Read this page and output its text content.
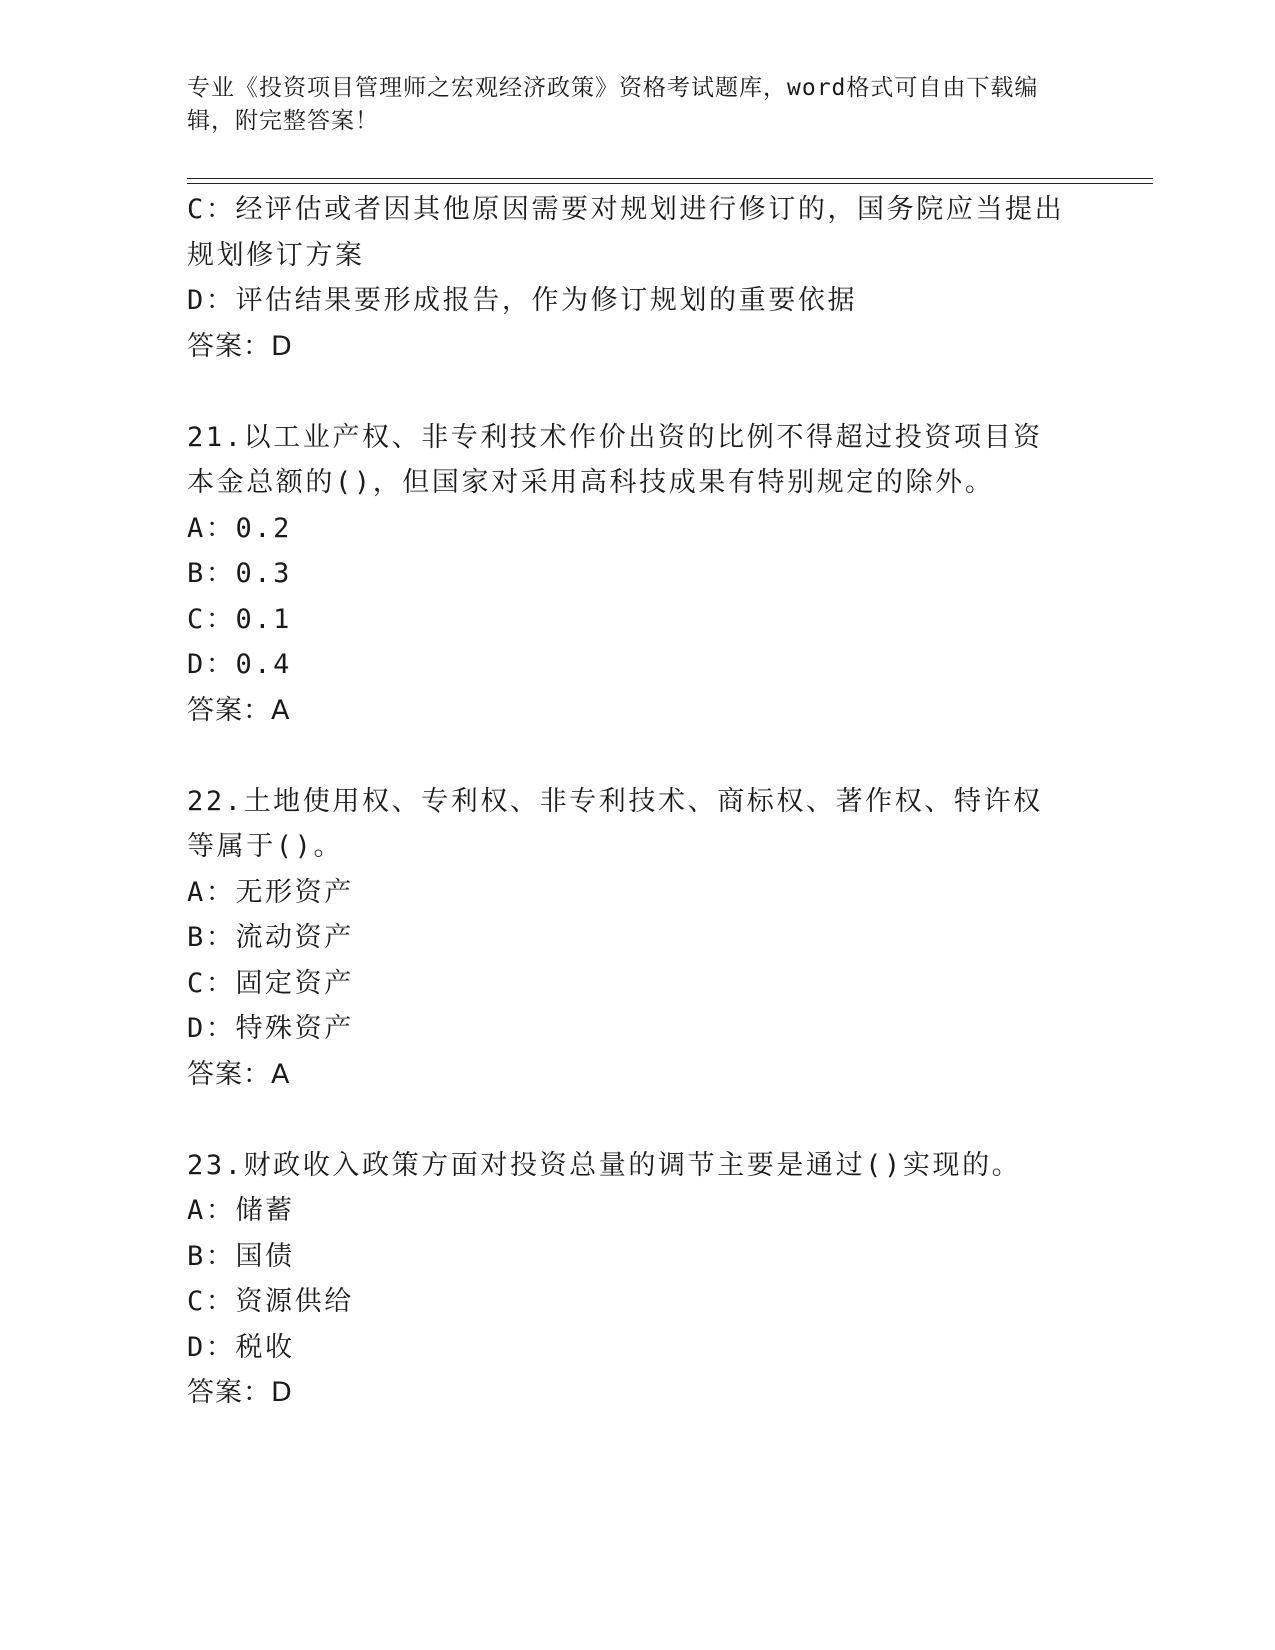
专业《投资项目管理师之宏观经济政策》资格考试题库，word格式可自由下载编辑，附完整答案！
C：经评估或者因其他原因需要对规划进行修订的，国务院应当提出规划修订方案
D：评估结果要形成报告，作为修订规划的重要依据
答案：D
21.以工业产权、非专利技术作价出资的比例不得超过投资项目资本金总额的()，但国家对采用高科技成果有特别规定的除外。
A：0.2
B：0.3
C：0.1
D：0.4
答案：A
22.土地使用权、专利权、非专利技术、商标权、著作权、特许权等属于()。
A：无形资产
B：流动资产
C：固定资产
D：特殊资产
答案：A
23.财政收入政策方面对投资总量的调节主要是通过()实现的。
A：储蓄
B：国债
C：资源供给
D：税收
答案：D
